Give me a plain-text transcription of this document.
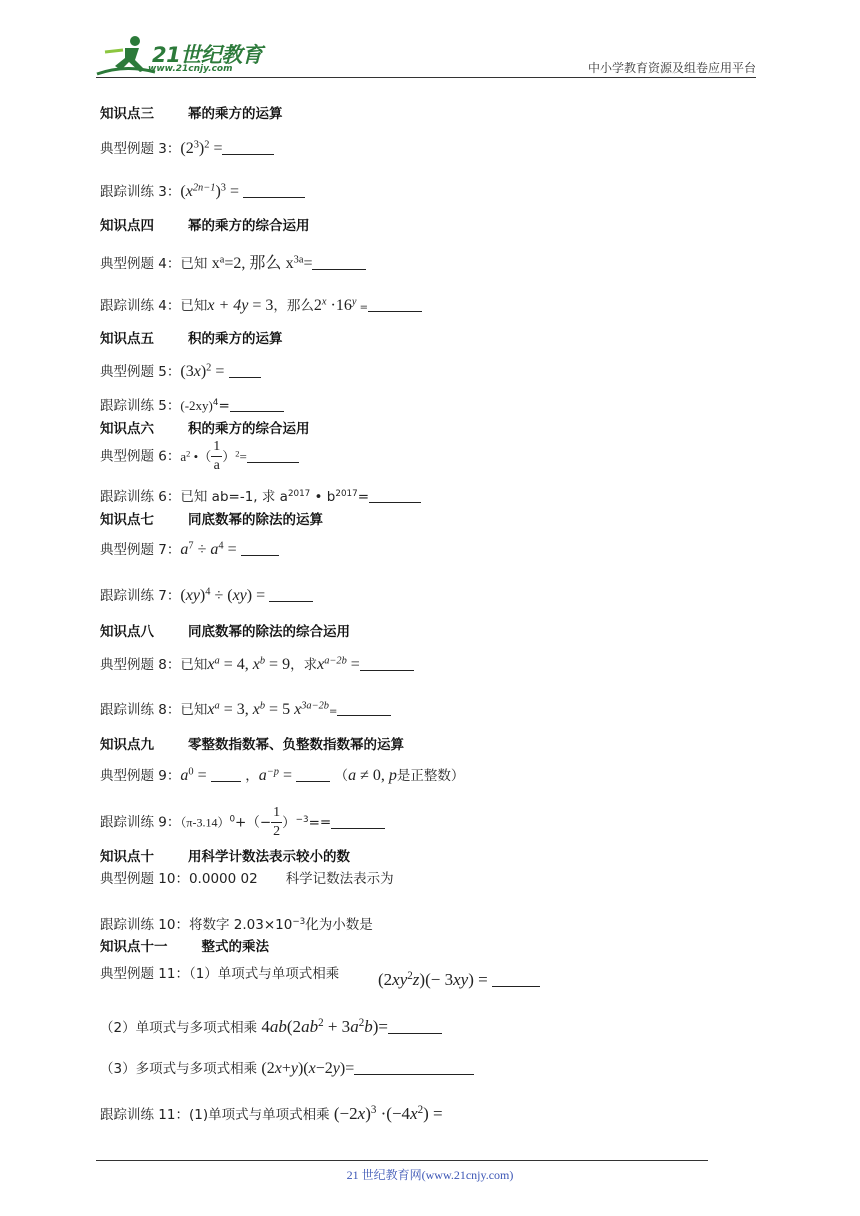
21世纪教育
www.21cnjy.com	中小学教育资源及组卷应用平台
知识点三	幂的乘方的运算
典型例题 3：$(2^3)^2$ =
跟踪训练 3：$(x^{2n-1})^3$ =
知识点四	幂的乘方的综合运用
典型例题 4：已知 $x^a=2$, 那么 $x^{3a}=$
跟踪训练 4：已知x + 4y = 3，那么$2^x \cdot 16^y$ =
知识点五	积的乘方的运算
典型例题 5：$(3x)^2$ =
跟踪训练 5：$(-2xy)^4=$
知识点六	积的乘方的综合运用
典型例题 6：$a^2$ •（ $\frac{1}{a} )^2=$
跟踪训练 6：已知 ab=-1, 求 $a^{2017}$ • $b^{2017}=$
知识点七	同底数幂的除法的运算
典型例题 7：$a^7 \div a^4$ =
跟踪训练 7：(xy)$^4$ ÷ (xy) =
知识点八	同底数幂的除法的综合运用
典型例题 8：已知$x^a = 4$, $x^b = 9$，求$x^{a-2b}$ =
跟踪训练 8：已知$x^a = 3$, $x^b = 5$ $x^{3a-2b}=$
知识点九	零整数指数幂、负整数指数幂的运算
典型例题 9：$a^0$ =	，$a^{-p}$ =	（a ≠ 0, p是正整数）
跟踪训练 9：$(\pi-3.14)^0+(- \frac{1}{2} )^{-3}==$
知识点十	用科学计数法表示较小的数
典型例题 10：0.0000 02 科学记数法表示为
跟踪训练 10：将数字 $2.03\times 10^{-3}$化为小数是
知识点十一	整式的乘法
典型例题 11：（1）单项式与单项式相乘 $(2xy^2z)(- 3xy)$ =
（2）单项式与多项式相乘 $4ab(2ab^2 + 3a^2b)=$
（3）多项式与多项式相乘 (2x+y)(x−2y)=
跟踪训练 11：(1)单项式与单项式相乘 $(-2x)^3 \cdot(-4x^2)$ =
21 世纪教育网(www.21cnjy.com)
